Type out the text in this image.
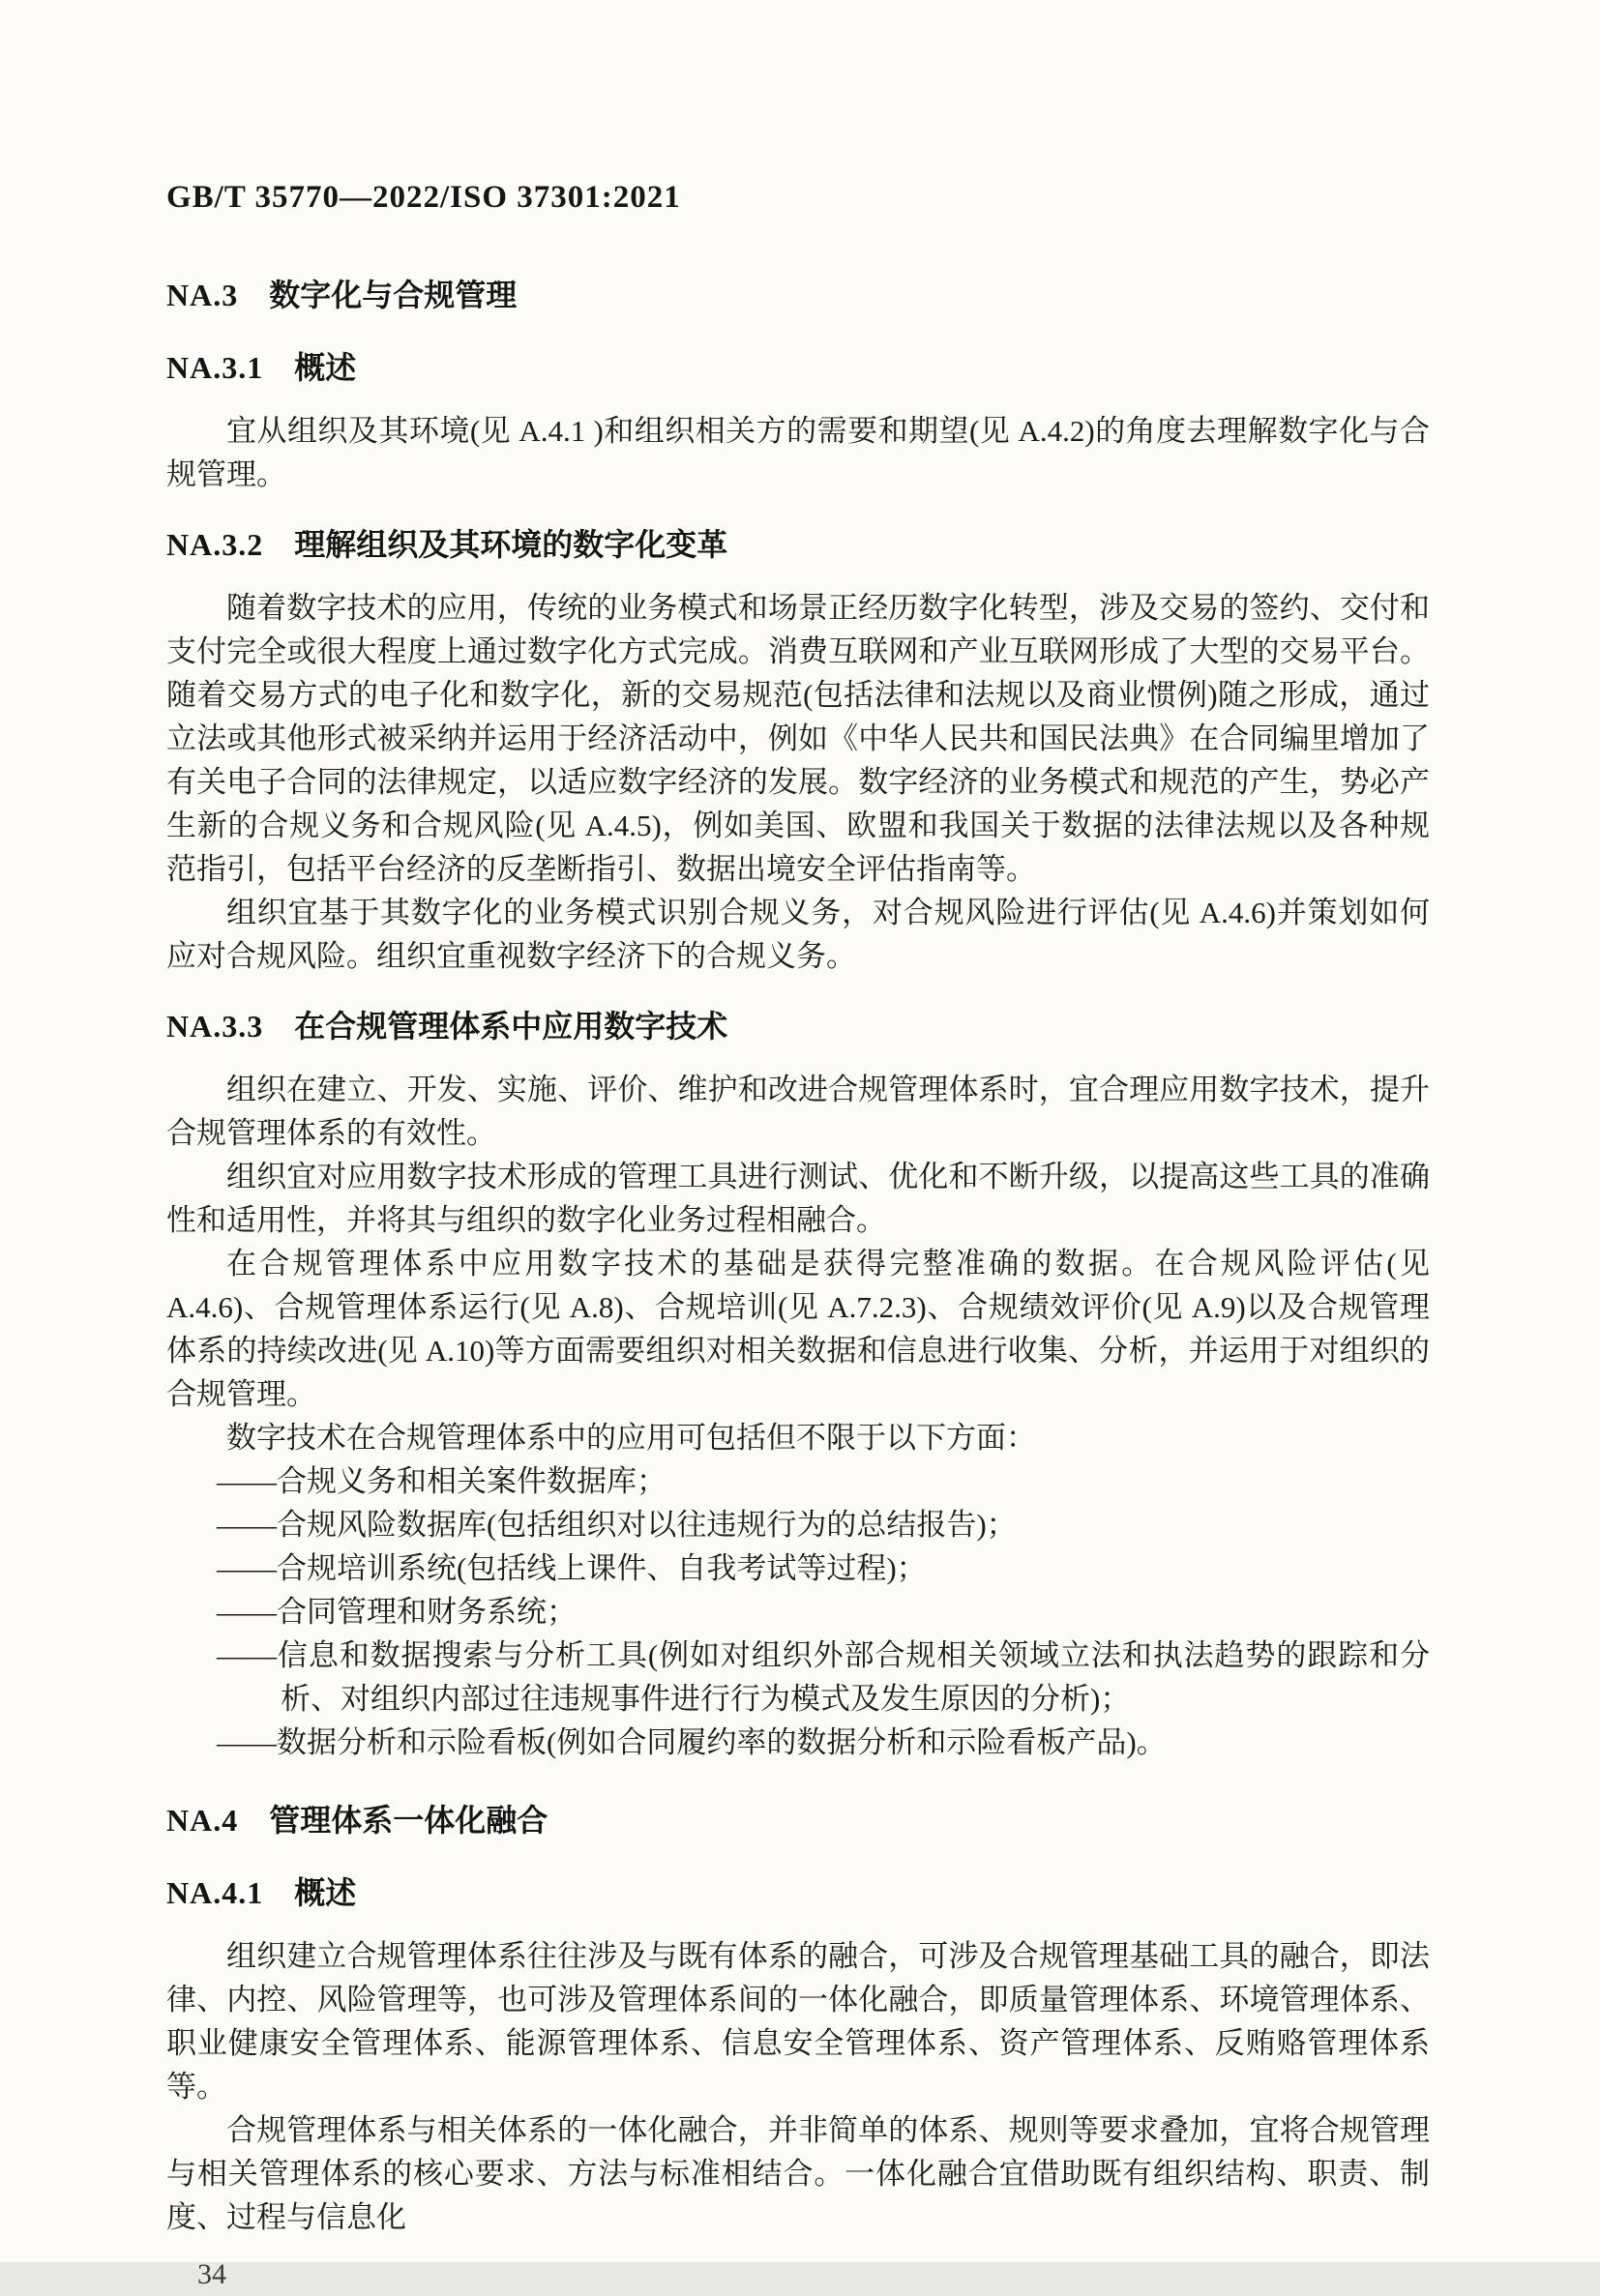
GB/T 35770—2022/ISO 37301:2021
NA.3 数字化与合规管理
NA.3.1 概述

宜从组织及其环境(见 A.4.1 )和组织相关方的需要和期望(见 A.4.2)的角度去理解数字化与合规管理。

NA.3.2 理解组织及其环境的数字化变革

随着数字技术的应用，传统的业务模式和场景正经历数字化转型，涉及交易的签约、交付和支付完全或很大程度上通过数字化方式完成。消费互联网和产业互联网形成了大型的交易平台。随着交易方式的电子化和数字化，新的交易规范(包括法律和法规以及商业惯例)随之形成，通过立法或其他形式被采纳并运用于经济活动中，例如《中华人民共和国民法典》在合同编里增加了有关电子合同的法律规定，以适应数字经济的发展。数字经济的业务模式和规范的产生，势必产生新的合规义务和合规风险(见 A.4.5)，例如美国、欧盟和我国关于数据的法律法规以及各种规范指引，包括平台经济的反垄断指引、数据出境安全评估指南等。

组织宜基于其数字化的业务模式识别合规义务，对合规风险进行评估(见 A.4.6)并策划如何应对合规风险。组织宜重视数字经济下的合规义务。

NA.3.3 在合规管理体系中应用数字技术

组织在建立、开发、实施、评价、维护和改进合规管理体系时，宜合理应用数字技术，提升合规管理体系的有效性。

组织宜对应用数字技术形成的管理工具进行测试、优化和不断升级，以提高这些工具的准确性和适用性，并将其与组织的数字化业务过程相融合。

在合规管理体系中应用数字技术的基础是获得完整准确的数据。在合规风险评估(见 A.4.6)、合规管理体系运行(见 A.8)、合规培训(见 A.7.2.3)、合规绩效评价(见 A.9)以及合规管理体系的持续改进(见 A.10)等方面需要组织对相关数据和信息进行收集、分析，并运用于对组织的合规管理。

数字技术在合规管理体系中的应用可包括但不限于以下方面：

——合规义务和相关案件数据库；

——合规风险数据库(包括组织对以往违规行为的总结报告)；

——合规培训系统(包括线上课件、自我考试等过程)；

——合同管理和财务系统；

——信息和数据搜索与分析工具(例如对组织外部合规相关领域立法和执法趋势的跟踪和分析、对组织内部过往违规事件进行行为模式及发生原因的分析)；

——数据分析和示险看板(例如合同履约率的数据分析和示险看板产品)。

NA.4 管理体系一体化融合
NA.4.1 概述

组织建立合规管理体系往往涉及与既有体系的融合，可涉及合规管理基础工具的融合，即法律、内控、风险管理等，也可涉及管理体系间的一体化融合，即质量管理体系、环境管理体系、职业健康安全管理体系、能源管理体系、信息安全管理体系、资产管理体系、反贿赂管理体系等。

合规管理体系与相关体系的一体化融合，并非简单的体系、规则等要求叠加，宜将合规管理与相关管理体系的核心要求、方法与标准相结合。一体化融合宜借助既有组织结构、职责、制度、过程与信息化

34
